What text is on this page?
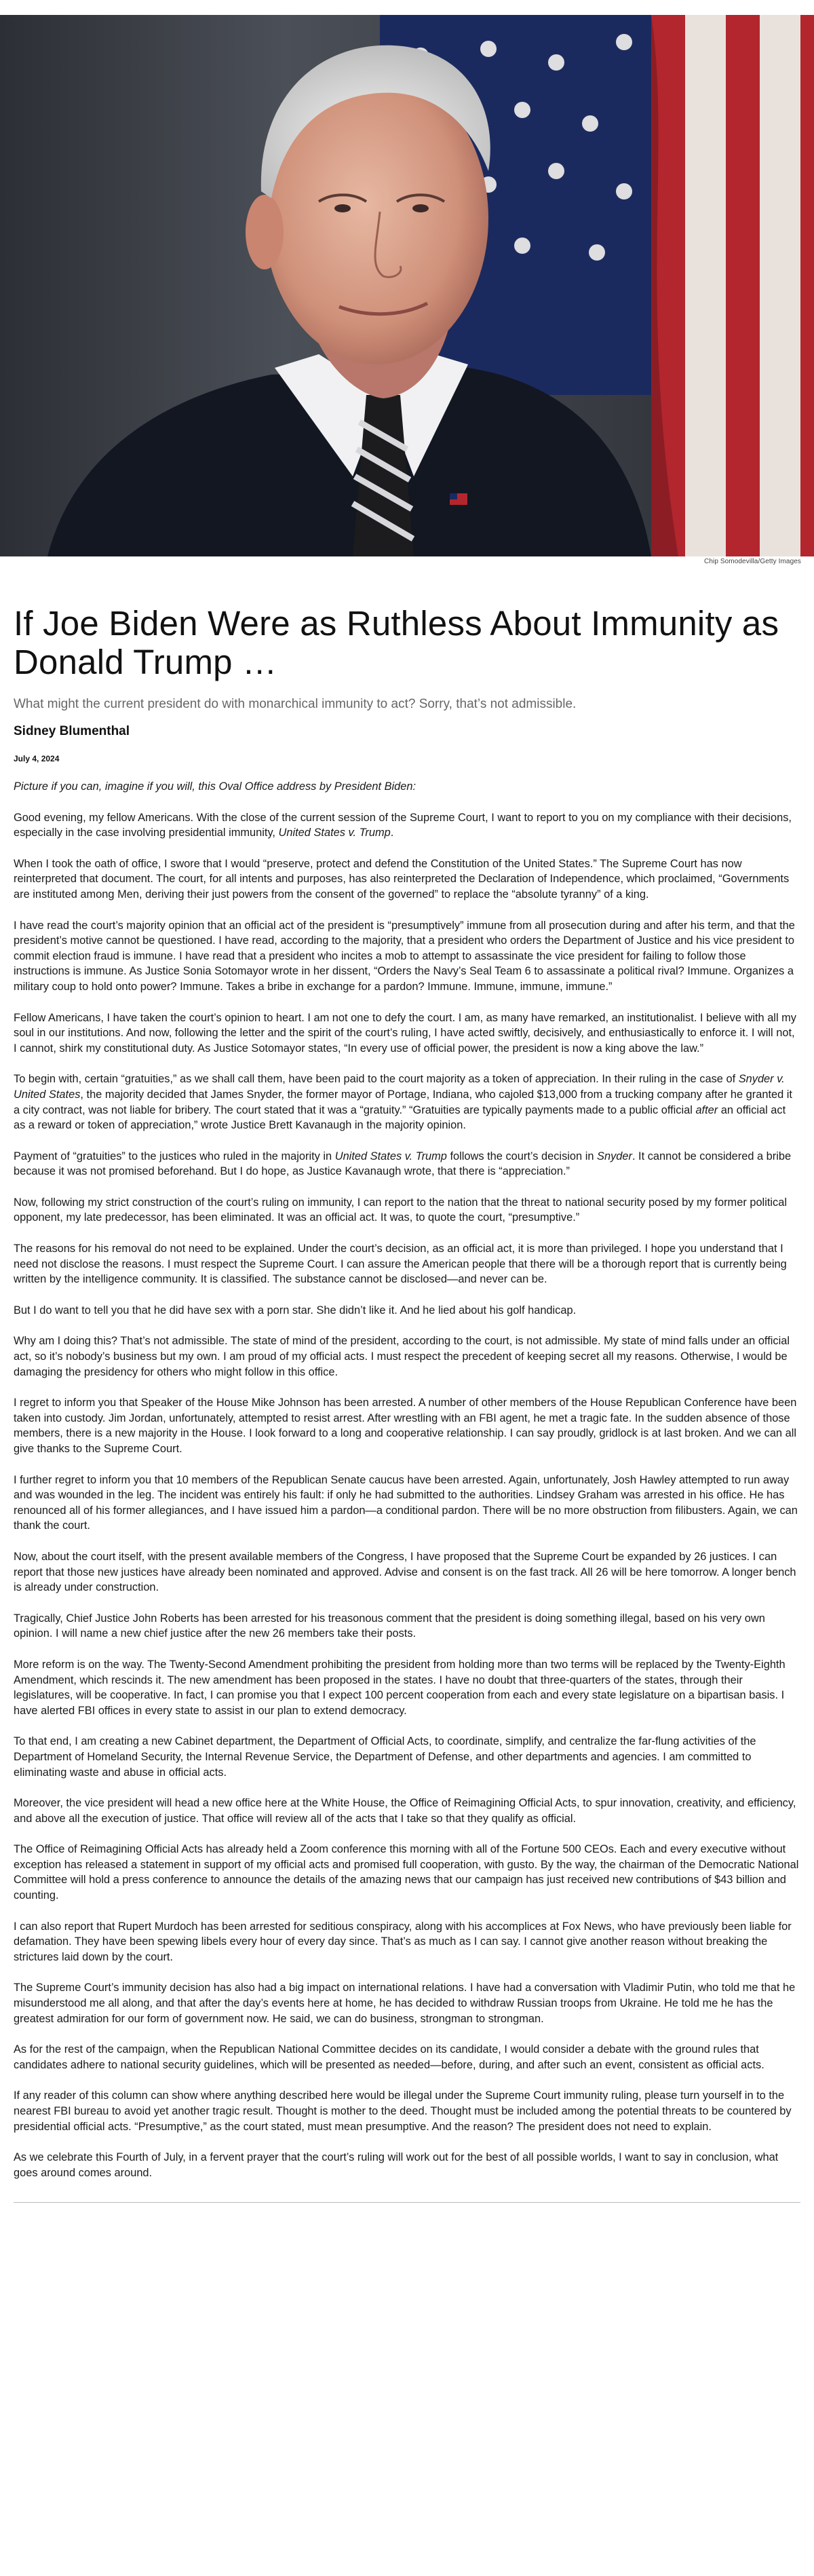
Chip Somodevilla/Getty Images
If Joe Biden Were as Ruthless About Immunity as Donald Trump …

What might the current president do with monarchical immunity to act? Sorry, that’s not admissible.

Sidney Blumenthal

July 4, 2024

Picture if you can, imagine if you will, this Oval Office address by President Biden:

Good evening, my fellow Americans. With the close of the current session of the Supreme Court, I want to report to you on my compliance with their decisions, especially in the case involving presidential immunity, United States v. Trump.

When I took the oath of office, I swore that I would “preserve, protect and defend the Constitution of the United States.” The Supreme Court has now reinterpreted that document. The court, for all intents and purposes, has also reinterpreted the Declaration of Independence, which proclaimed, “Governments are instituted among Men, deriving their just powers from the consent of the governed” to replace the “absolute tyranny” of a king.

I have read the court’s majority opinion that an official act of the president is “presumptively” immune from all prosecution during and after his term, and that the president’s motive cannot be questioned. I have read, according to the majority, that a president who orders the Department of Justice and his vice president to commit election fraud is immune. I have read that a president who incites a mob to attempt to assassinate the vice president for failing to follow those instructions is immune. As Justice Sonia Sotomayor wrote in her dissent, “Orders the Navy’s Seal Team 6 to assassinate a political rival? Immune. Organizes a military coup to hold onto power? Immune. Takes a bribe in exchange for a pardon? Immune. Immune, immune, immune.”

Fellow Americans, I have taken the court’s opinion to heart. I am not one to defy the court. I am, as many have remarked, an institutionalist. I believe with all my soul in our institutions. And now, following the letter and the spirit of the court’s ruling, I have acted swiftly, decisively, and enthusiastically to enforce it. I will not, I cannot, shirk my constitutional duty. As Justice Sotomayor states, “In every use of official power, the president is now a king above the law.”

To begin with, certain “gratuities,” as we shall call them, have been paid to the court majority as a token of appreciation. In their ruling in the case of Snyder v. United States, the majority decided that James Snyder, the former mayor of Portage, Indiana, who cajoled $13,000 from a trucking company after he granted it a city contract, was not liable for bribery. The court stated that it was a “gratuity.” “Gratuities are typically payments made to a public official after an official act as a reward or token of appreciation,” wrote Justice Brett Kavanaugh in the majority opinion.

Payment of “gratuities” to the justices who ruled in the majority in United States v. Trump follows the court’s decision in Snyder. It cannot be considered a bribe because it was not promised beforehand. But I do hope, as Justice Kavanaugh wrote, that there is “appreciation.”

Now, following my strict construction of the court’s ruling on immunity, I can report to the nation that the threat to national security posed by my former political opponent, my late predecessor, has been eliminated. It was an official act. It was, to quote the court, “presumptive.”

The reasons for his removal do not need to be explained. Under the court’s decision, as an official act, it is more than privileged. I hope you understand that I need not disclose the reasons. I must respect the Supreme Court. I can assure the American people that there will be a thorough report that is currently being written by the intelligence community. It is classified. The substance cannot be disclosed—and never can be.

But I do want to tell you that he did have sex with a porn star. She didn’t like it. And he lied about his golf handicap.

Why am I doing this? That’s not admissible. The state of mind of the president, according to the court, is not admissible. My state of mind falls under an official act, so it’s nobody’s business but my own. I am proud of my official acts. I must respect the precedent of keeping secret all my reasons. Otherwise, I would be damaging the presidency for others who might follow in this office.

I regret to inform you that Speaker of the House Mike Johnson has been arrested. A number of other members of the House Republican Conference have been taken into custody. Jim Jordan, unfortunately, attempted to resist arrest. After wrestling with an FBI agent, he met a tragic fate. In the sudden absence of those members, there is a new majority in the House. I look forward to a long and cooperative relationship. I can say proudly, gridlock is at last broken. And we can all give thanks to the Supreme Court.

I further regret to inform you that 10 members of the Republican Senate caucus have been arrested. Again, unfortunately, Josh Hawley attempted to run away and was wounded in the leg. The incident was entirely his fault: if only he had submitted to the authorities. Lindsey Graham was arrested in his office. He has renounced all of his former allegiances, and I have issued him a pardon—a conditional pardon. There will be no more obstruction from filibusters. Again, we can thank the court.

Now, about the court itself, with the present available members of the Congress, I have proposed that the Supreme Court be expanded by 26 justices. I can report that those new justices have already been nominated and approved. Advise and consent is on the fast track. All 26 will be here tomorrow. A longer bench is already under construction.

Tragically, Chief Justice John Roberts has been arrested for his treasonous comment that the president is doing something illegal, based on his very own opinion. I will name a new chief justice after the new 26 members take their posts.

More reform is on the way. The Twenty-Second Amendment prohibiting the president from holding more than two terms will be replaced by the Twenty-Eighth Amendment, which rescinds it. The new amendment has been proposed in the states. I have no doubt that three-quarters of the states, through their legislatures, will be cooperative. In fact, I can promise you that I expect 100 percent cooperation from each and every state legislature on a bipartisan basis. I have alerted FBI offices in every state to assist in our plan to extend democracy.

To that end, I am creating a new Cabinet department, the Department of Official Acts, to coordinate, simplify, and centralize the far-flung activities of the Department of Homeland Security, the Internal Revenue Service, the Department of Defense, and other departments and agencies. I am committed to eliminating waste and abuse in official acts.

Moreover, the vice president will head a new office here at the White House, the Office of Reimagining Official Acts, to spur innovation, creativity, and efficiency, and above all the execution of justice. That office will review all of the acts that I take so that they qualify as official.

The Office of Reimagining Official Acts has already held a Zoom conference this morning with all of the Fortune 500 CEOs. Each and every executive without exception has released a statement in support of my official acts and promised full cooperation, with gusto. By the way, the chairman of the Democratic National Committee will hold a press conference to announce the details of the amazing news that our campaign has just received new contributions of $43 billion and counting.

I can also report that Rupert Murdoch has been arrested for seditious conspiracy, along with his accomplices at Fox News, who have previously been liable for defamation. They have been spewing libels every hour of every day since. That’s as much as I can say. I cannot give another reason without breaking the strictures laid down by the court.

The Supreme Court’s immunity decision has also had a big impact on international relations. I have had a conversation with Vladimir Putin, who told me that he misunderstood me all along, and that after the day’s events here at home, he has decided to withdraw Russian troops from Ukraine. He told me he has the greatest admiration for our form of government now. He said, we can do business, strongman to strongman.

As for the rest of the campaign, when the Republican National Committee decides on its candidate, I would consider a debate with the ground rules that candidates adhere to national security guidelines, which will be presented as needed—before, during, and after such an event, consistent as official acts.

If any reader of this column can show where anything described here would be illegal under the Supreme Court immunity ruling, please turn yourself in to the nearest FBI bureau to avoid yet another tragic result. Thought is mother to the deed. Thought must be included among the potential threats to be countered by presidential official acts. “Presumptive,” as the court stated, must mean presumptive. And the reason? The president does not need to explain.

As we celebrate this Fourth of July, in a fervent prayer that the court’s ruling will work out for the best of all possible worlds, I want to say in conclusion, what goes around comes around.
